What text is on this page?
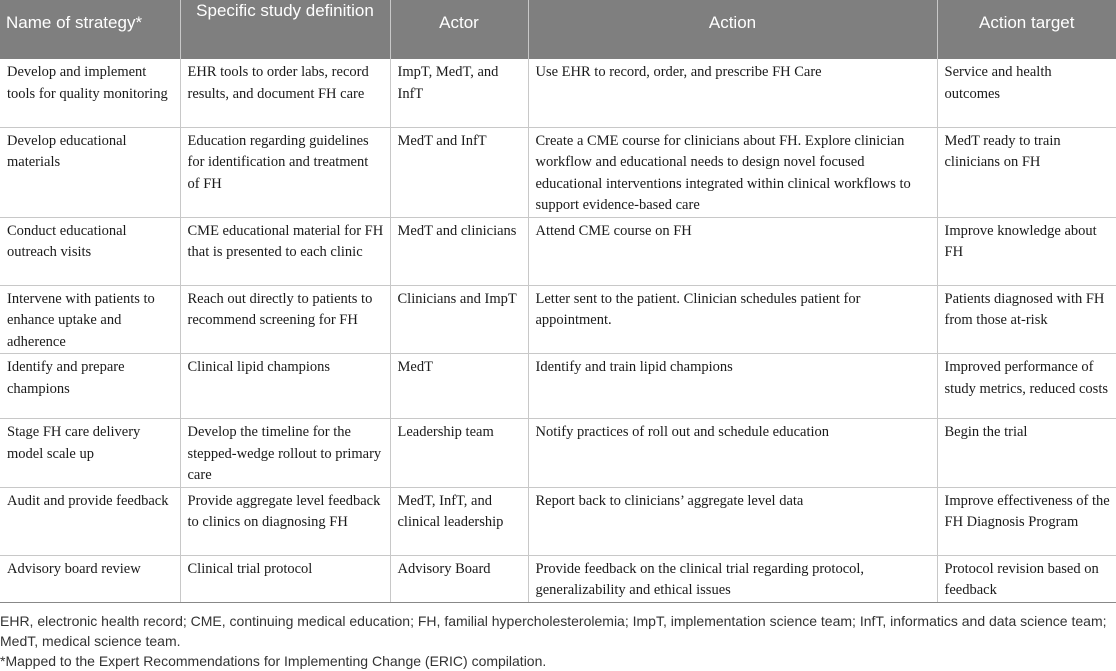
Name of strategy*	Specific study definition	Actor	Action	Action target
Develop and implement tools for quality monitoring	EHR tools to order labs, record results, and document FH care	ImpT, MedT, and InfT	Use EHR to record, order, and prescribe FH Care	Service and health outcomes
Develop educational materials	Education regarding guidelines for identification and treatment of FH	MedT and InfT	Create a CME course for clinicians about FH. Explore clinician workflow and educational needs to design novel focused educational interventions integrated within clinical workflows to support evidence-based care	MedT ready to train clinicians on FH
Conduct educational outreach visits	CME educational material for FH that is presented to each clinic	MedT and clinicians	Attend CME course on FH	Improve knowledge about FH
Intervene with patients to enhance uptake and adherence	Reach out directly to patients to recommend screening for FH	Clinicians and ImpT	Letter sent to the patient. Clinician schedules patient for appointment.	Patients diagnosed with FH from those at-risk
Identify and prepare champions	Clinical lipid champions	MedT	Identify and train lipid champions	Improved performance of study metrics, reduced costs
Stage FH care delivery model scale up	Develop the timeline for the stepped-wedge rollout to primary care	Leadership team	Notify practices of roll out and schedule education	Begin the trial
Audit and provide feedback	Provide aggregate level feedback to clinics on diagnosing FH	MedT, InfT, and clinical leadership	Report back to clinicians’ aggregate level data	Improve effectiveness of the FH Diagnosis Program
Advisory board review	Clinical trial protocol	Advisory Board	Provide feedback on the clinical trial regarding protocol, generalizability and ethical issues	Protocol revision based on feedback

EHR, electronic health record; CME, continuing medical education; FH, familial hypercholesterolemia; ImpT, implementation science team; InfT, informatics and data science team; MedT, medical science team.

*Mapped to the Expert Recommendations for Implementing Change (ERIC) compilation.
